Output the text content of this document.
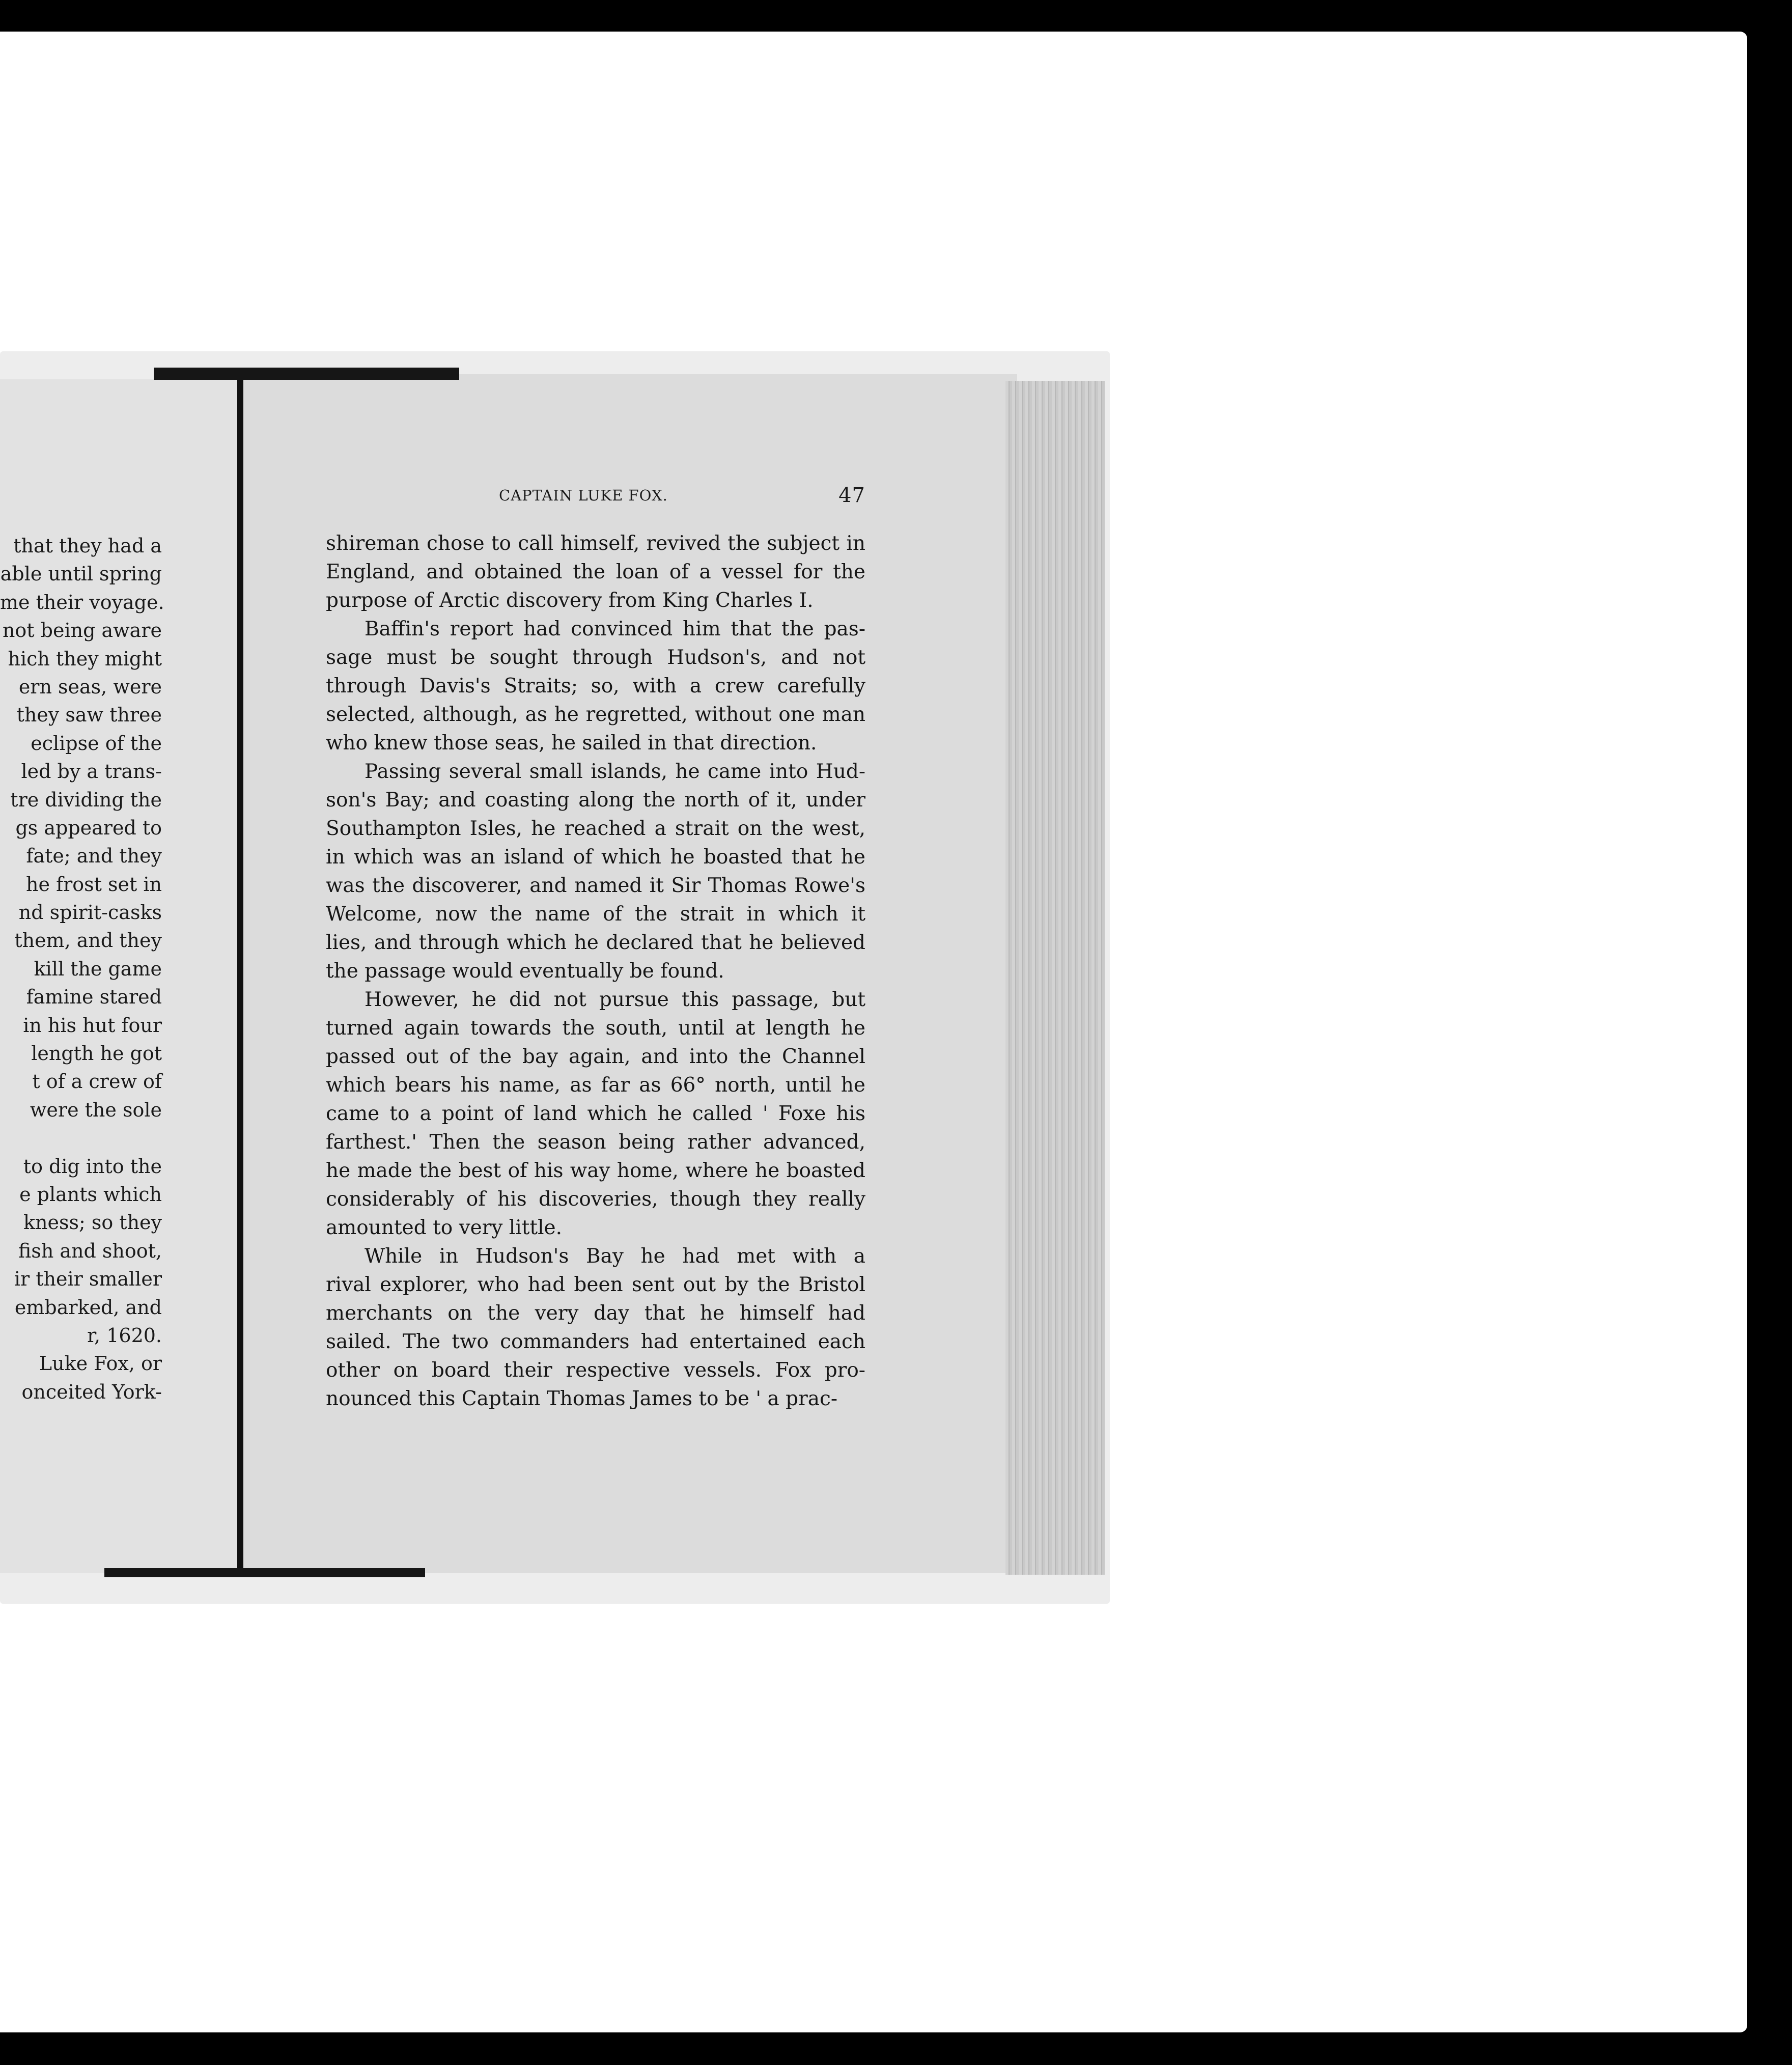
that they had a
able until spring
me their voyage.
not being aware
hich they might
ern seas, were
they saw three
eclipse of the
led by a trans-
tre dividing the
gs appeared to
fate; and they
he frost set in
nd spirit-casks
them, and they
kill the game
famine stared
in his hut four
length he got
t of a crew of
were the sole
to dig into the
e plants which
kness; so they
fish and shoot,
ir their smaller
embarked, and
r, 1620.
Luke Fox, or
onceited York-
CAPTAIN LUKE FOX.	47
shireman chose to call himself, revived the subject in
England, and obtained the loan of a vessel for the
purpose of Arctic discovery from King Charles I.
Baffin's report had convinced him that the pas-
sage must be sought through Hudson's, and not
through Davis's Straits; so, with a crew carefully
selected, although, as he regretted, without one man
who knew those seas, he sailed in that direction.
Passing several small islands, he came into Hud-
son's Bay; and coasting along the north of it, under
Southampton Isles, he reached a strait on the west,
in which was an island of which he boasted that he
was the discoverer, and named it Sir Thomas Rowe's
Welcome, now the name of the strait in which it
lies, and through which he declared that he believed
the passage would eventually be found.
However, he did not pursue this passage, but
turned again towards the south, until at length he
passed out of the bay again, and into the Channel
which bears his name, as far as 66° north, until he
came to a point of land which he called ' Foxe his
farthest.' Then the season being rather advanced,
he made the best of his way home, where he boasted
considerably of his discoveries, though they really
amounted to very little.
While in Hudson's Bay he had met with a
rival explorer, who had been sent out by the Bristol
merchants on the very day that he himself had
sailed. The two commanders had entertained each
other on board their respective vessels. Fox pro-
nounced this Captain Thomas James to be ' a prac-
